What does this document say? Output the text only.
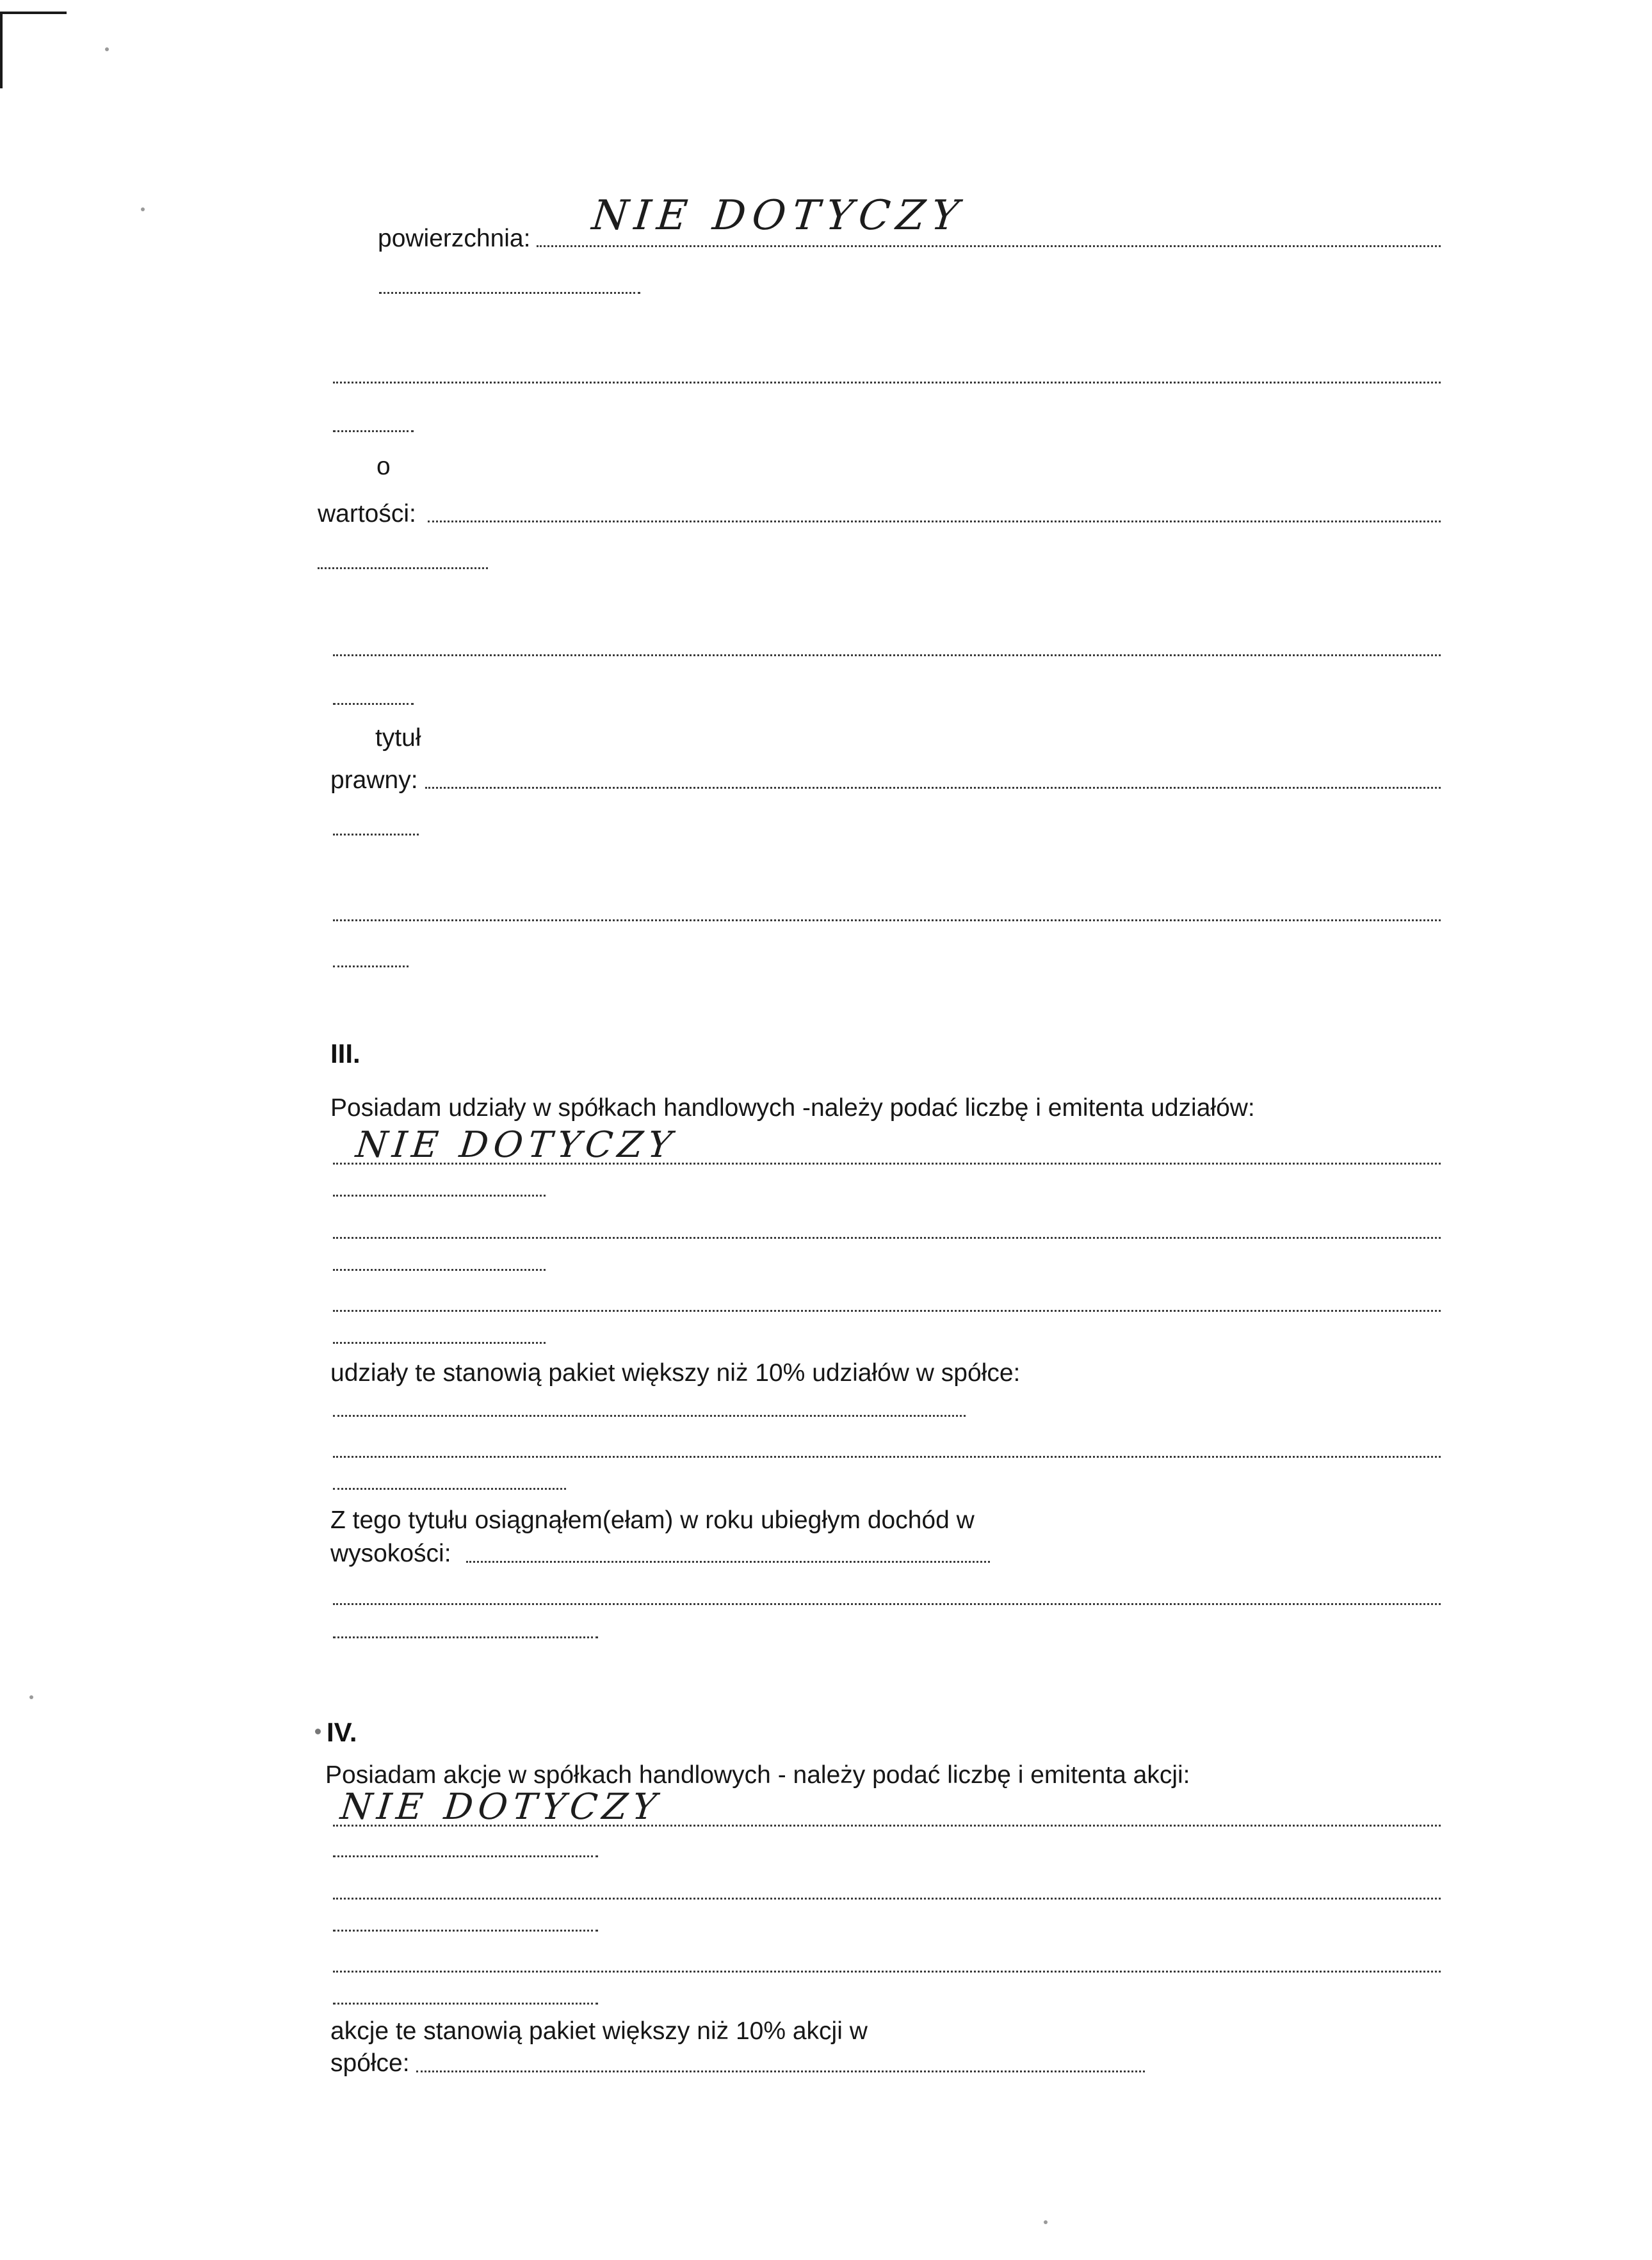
powierzchnia: NIE DOTYCZY
o
wartości:
tytuł
prawny:
III.
Posiadam udziały w spółkach handlowych -należy podać liczbę i emitenta udziałów:
NIE DOTYCZY
udziały te stanowią pakiet większy niż 10% udziałów w spółce:
Z tego tytułu osiągnąłem(ełam) w roku ubiegłym dochód w
wysokości:
IV.
Posiadam akcje w spółkach handlowych - należy podać liczbę i emitenta akcji:
NIE DOTYCZY
akcje te stanowią pakiet większy niż 10% akcji w
spółce:
